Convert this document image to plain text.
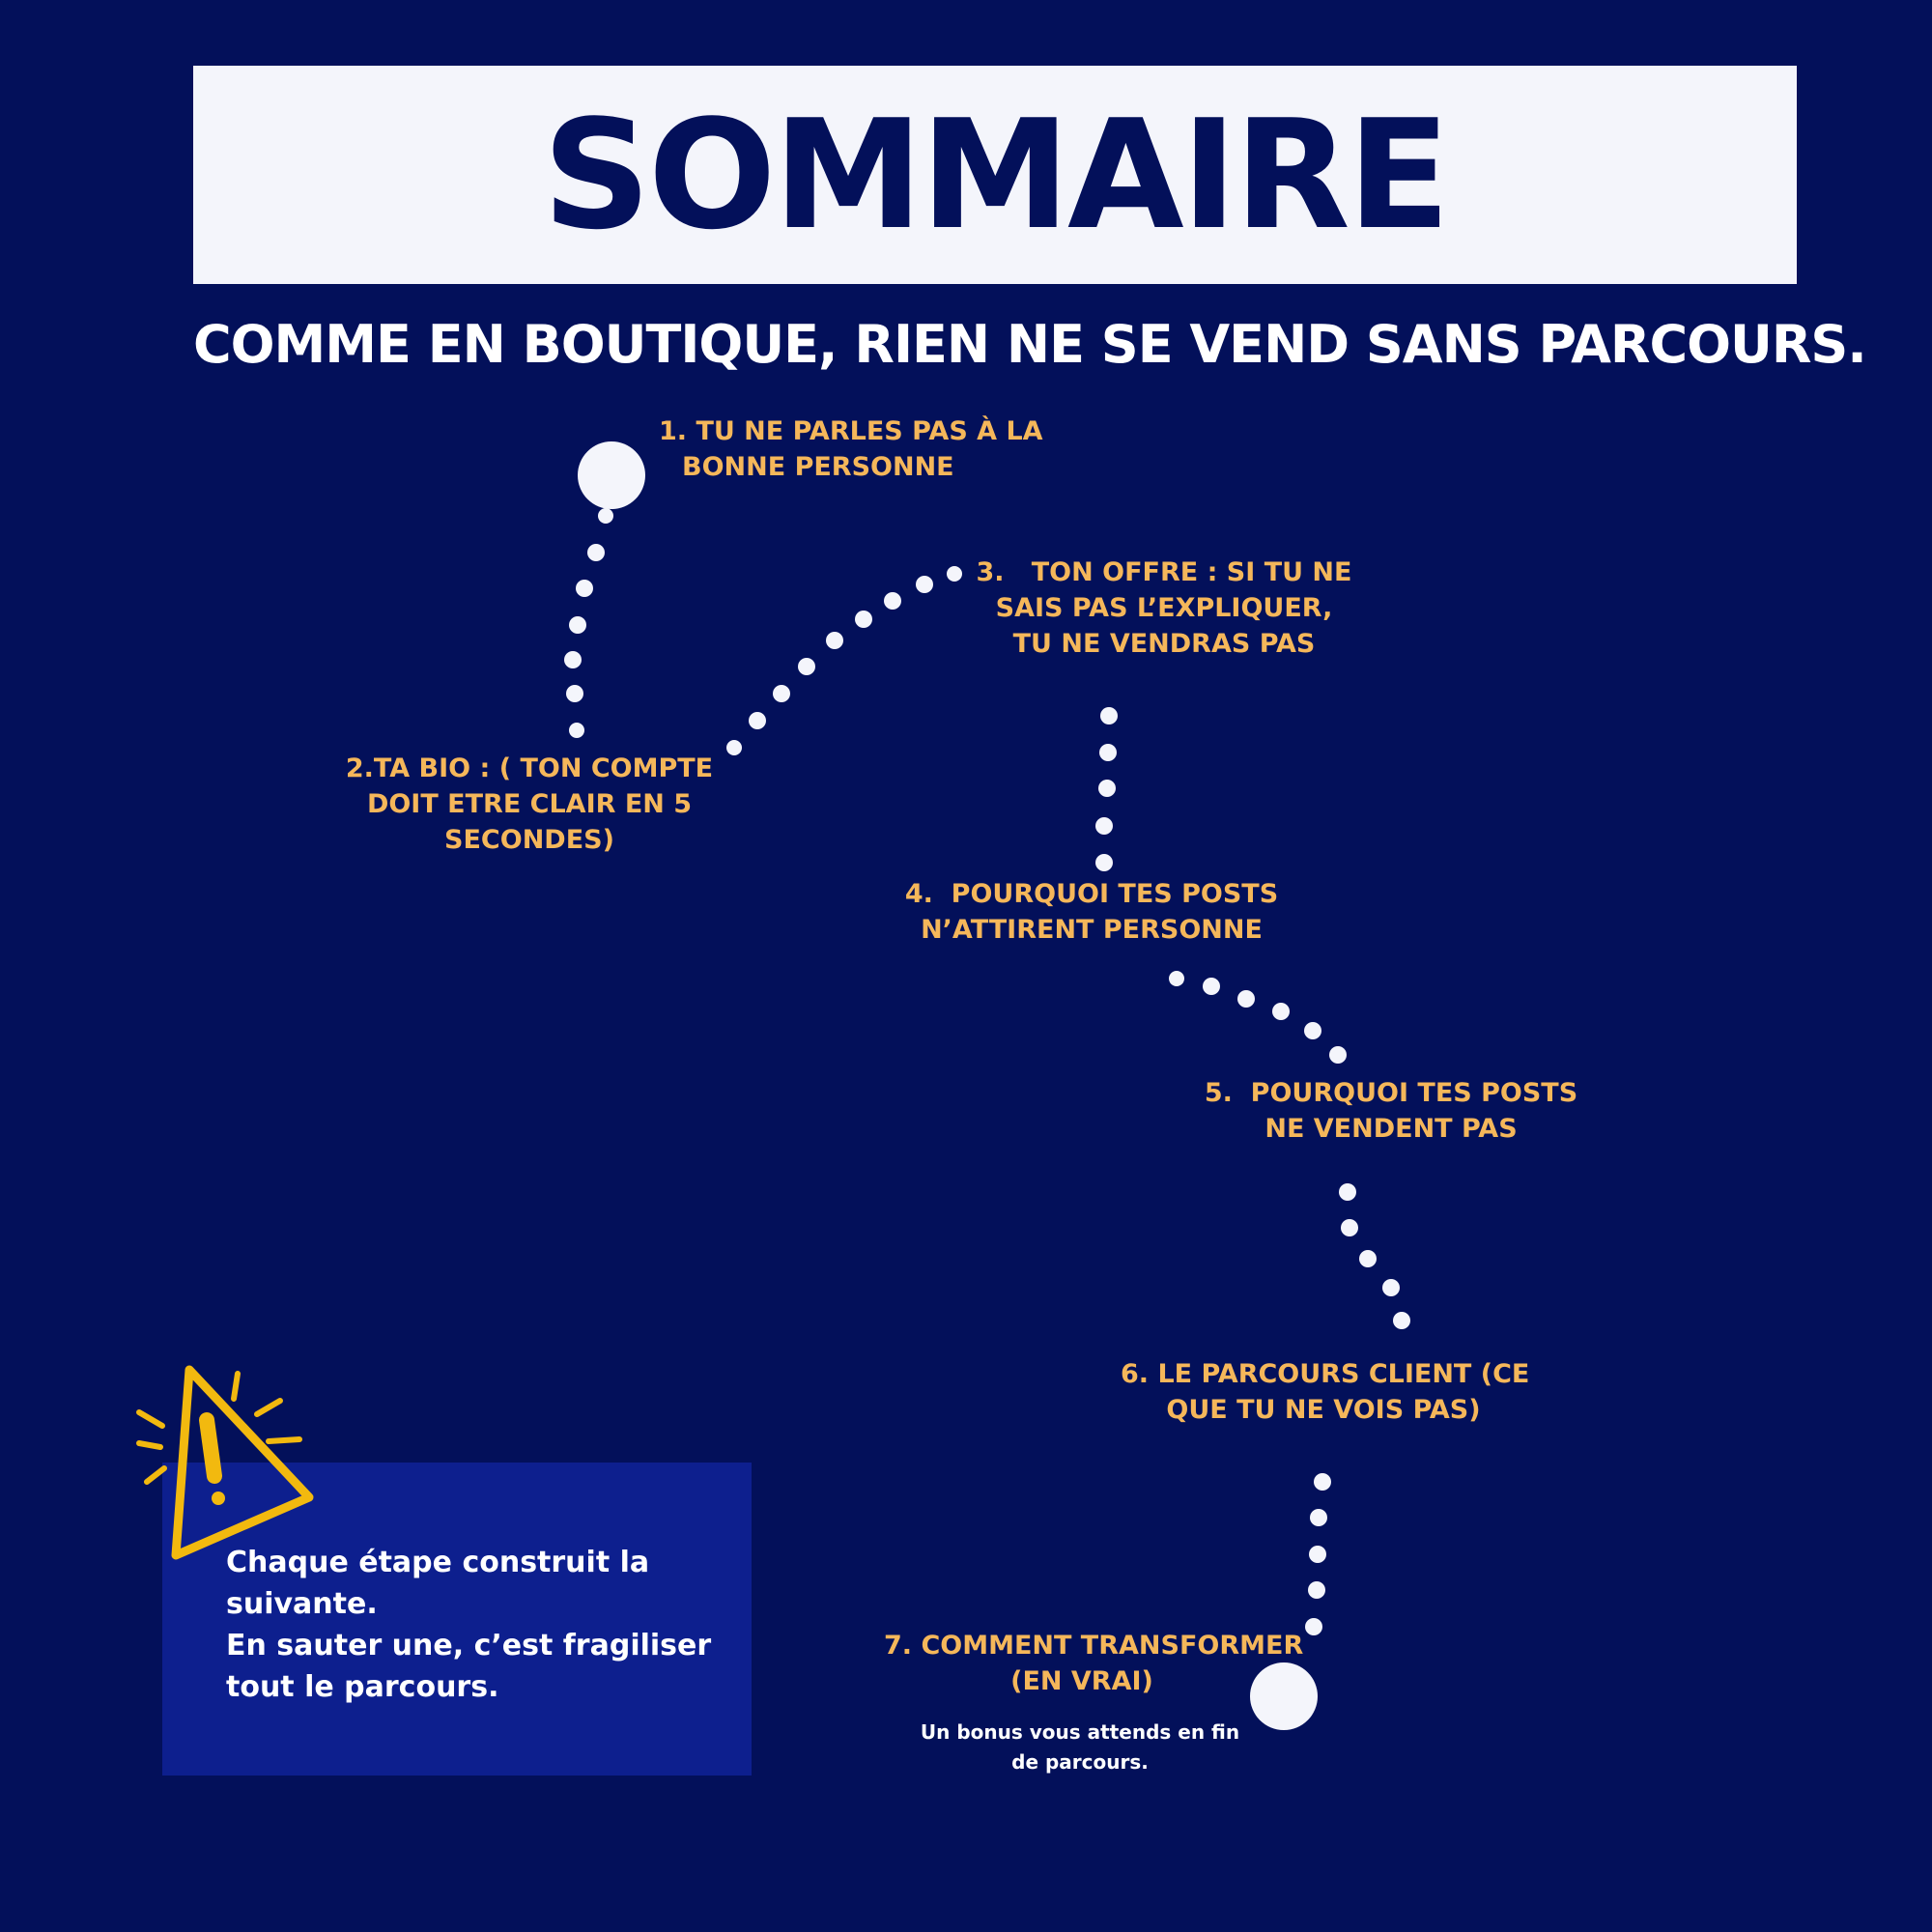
SOMMAIRE
COMME EN BOUTIQUE, RIEN NE SE VEND SANS PARCOURS.
1. TU NE PARLES PAS À LA
BONNE PERSONNE
2.TA BIO : ( TON COMPTE
DOIT ETRE CLAIR EN 5
SECONDES)
3.   TON OFFRE : SI TU NE
SAIS PAS L’EXPLIQUER,
TU NE VENDRAS PAS
4.  POURQUOI TES POSTS
N’ATTIRENT PERSONNE
5.  POURQUOI TES POSTS
NE VENDENT PAS
6. LE PARCOURS CLIENT (CE
QUE TU NE VOIS PAS)
7. COMMENT TRANSFORMER
(EN VRAI)
Un bonus vous attends en fin
de parcours.
Chaque étape construit la
suivante.
En sauter une, c’est fragiliser
tout le parcours.
